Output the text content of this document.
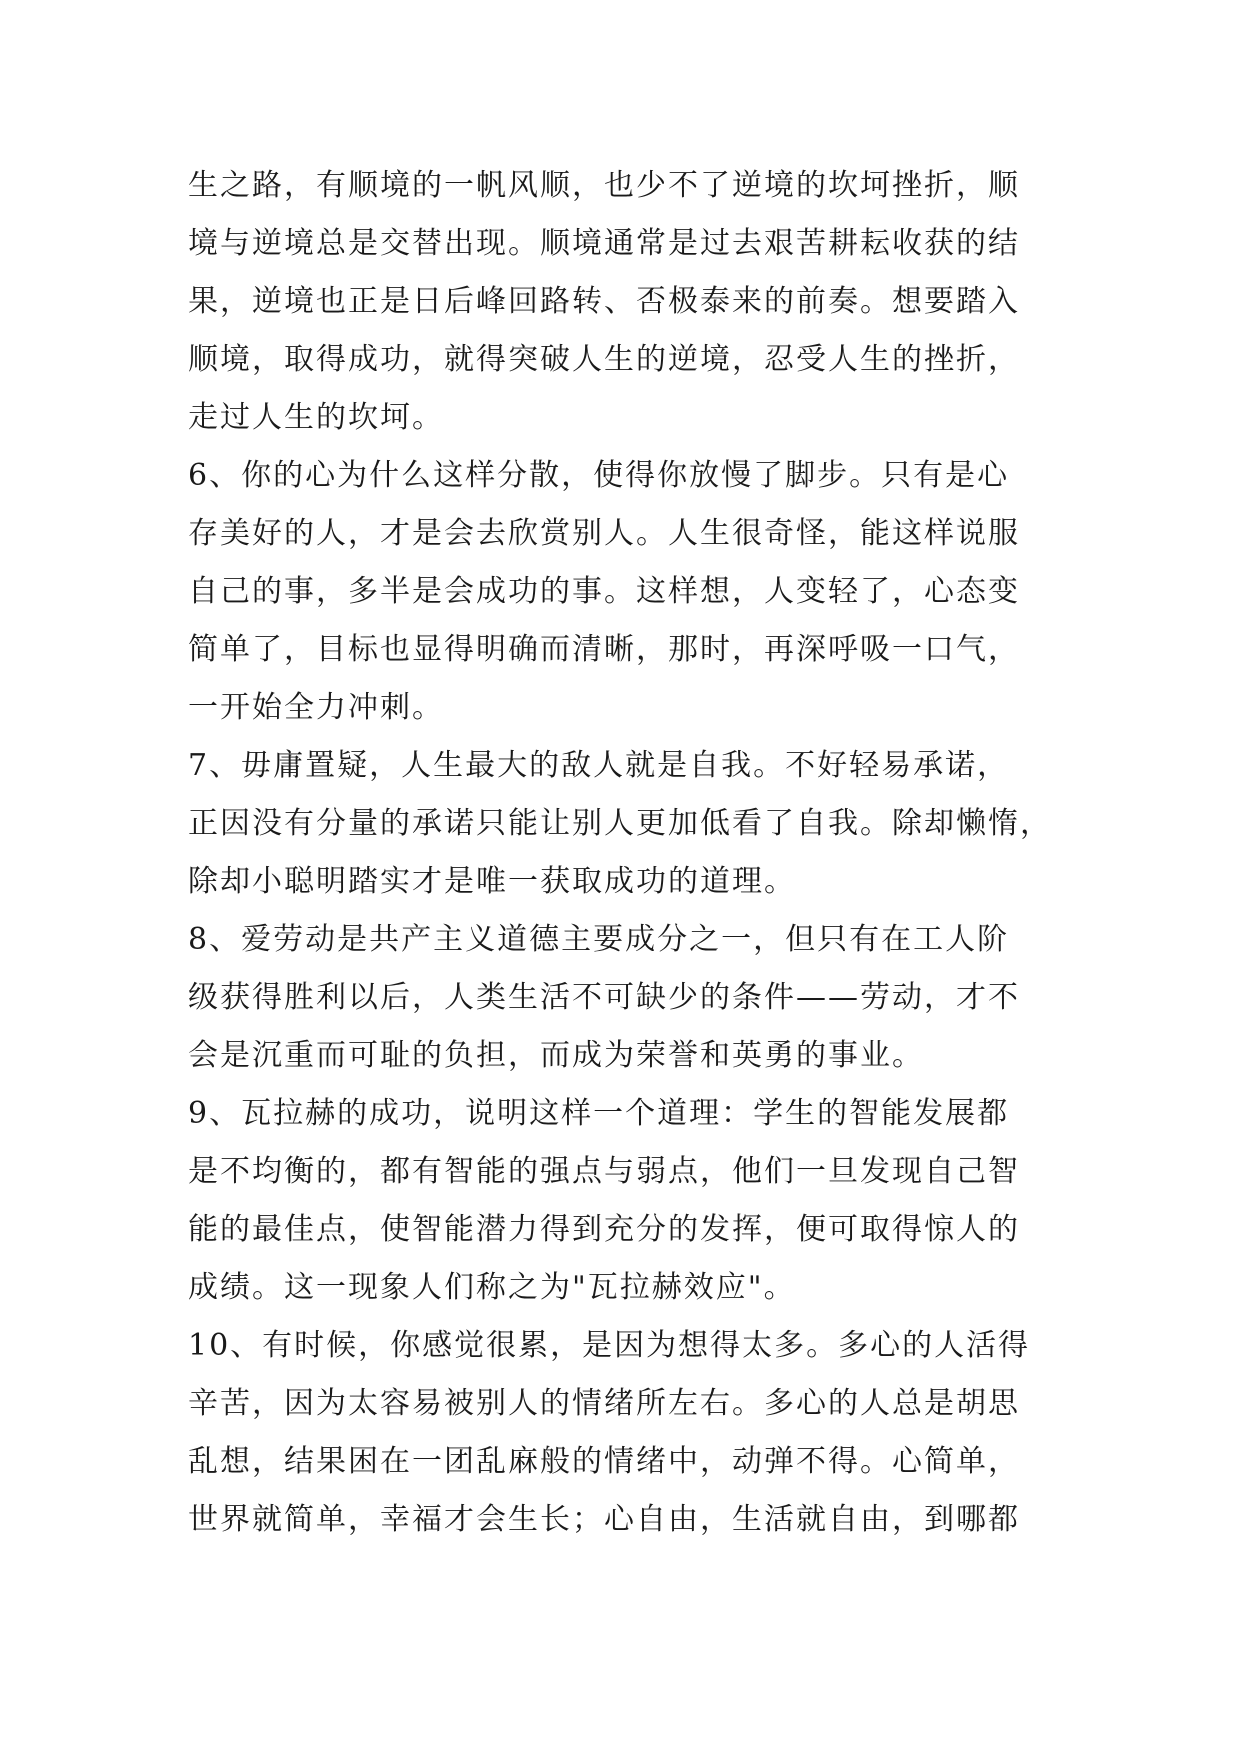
生之路，有顺境的一帆风顺，也少不了逆境的坎坷挫折，顺
境与逆境总是交替出现。顺境通常是过去艰苦耕耘收获的结
果，逆境也正是日后峰回路转、否极泰来的前奏。想要踏入
顺境，取得成功，就得突破人生的逆境，忍受人生的挫折，
走过人生的坎坷。
6、你的心为什么这样分散，使得你放慢了脚步。只有是心
存美好的人，才是会去欣赏别人。人生很奇怪，能这样说服
自己的事，多半是会成功的事。这样想，人变轻了，心态变
简单了，目标也显得明确而清晰，那时，再深呼吸一口气，
一开始全力冲刺。
7、毋庸置疑，人生最大的敌人就是自我。不好轻易承诺，
正因没有分量的承诺只能让别人更加低看了自我。除却懒惰，
除却小聪明踏实才是唯一获取成功的道理。
8、爱劳动是共产主义道德主要成分之一，但只有在工人阶
级获得胜利以后，人类生活不可缺少的条件——劳动，才不
会是沉重而可耻的负担，而成为荣誉和英勇的事业。
9、瓦拉赫的成功，说明这样一个道理：学生的智能发展都
是不均衡的，都有智能的强点与弱点，他们一旦发现自己智
能的最佳点，使智能潜力得到充分的发挥，便可取得惊人的
成绩。这一现象人们称之为"瓦拉赫效应"。
10、有时候，你感觉很累，是因为想得太多。多心的人活得
辛苦，因为太容易被别人的情绪所左右。多心的人总是胡思
乱想，结果困在一团乱麻般的情绪中，动弹不得。心简单，
世界就简单，幸福才会生长；心自由，生活就自由，到哪都
